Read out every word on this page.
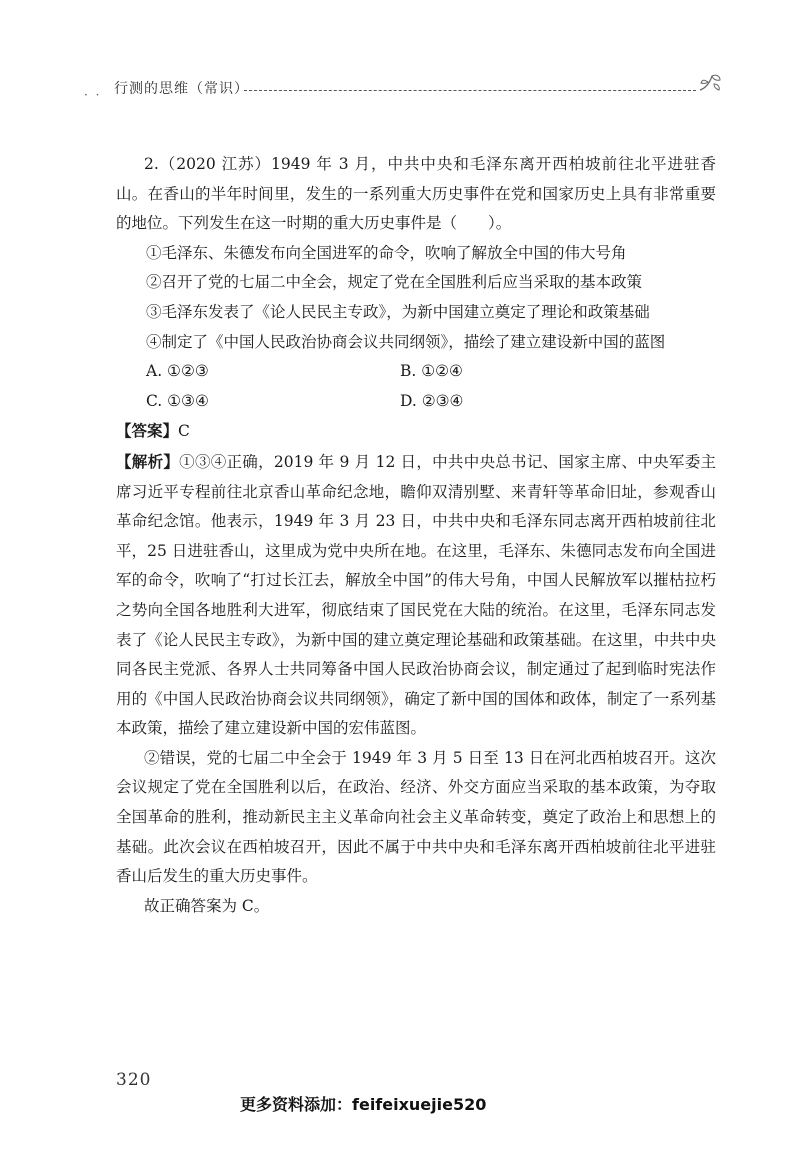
· · 行测的思维（常识）

2.（2020 江苏）1949 年 3 月，中共中央和毛泽东离开西柏坡前往北平进驻香山。在香山的半年时间里，发生的一系列重大历史事件在党和国家历史上具有非常重要的地位。下列发生在这一时期的重大历史事件是（　　）。

①毛泽东、朱德发布向全国进军的命令，吹响了解放全中国的伟大号角

②召开了党的七届二中全会，规定了党在全国胜利后应当采取的基本政策

③毛泽东发表了《论人民民主专政》，为新中国建立奠定了理论和政策基础

④制定了《中国人民政治协商会议共同纲领》，描绘了建立建设新中国的蓝图

A. ①②③	B. ①②④
C. ①③④	D. ②③④

【答案】C

【解析】①③④正确，2019 年 9 月 12 日，中共中央总书记、国家主席、中央军委主席习近平专程前往北京香山革命纪念地，瞻仰双清别墅、来青轩等革命旧址，参观香山革命纪念馆。他表示，1949 年 3 月 23 日，中共中央和毛泽东同志离开西柏坡前往北平，25 日进驻香山，这里成为党中央所在地。在这里，毛泽东、朱德同志发布向全国进军的命令，吹响了“打过长江去，解放全中国”的伟大号角，中国人民解放军以摧枯拉朽之势向全国各地胜利大进军，彻底结束了国民党在大陆的统治。在这里，毛泽东同志发表了《论人民民主专政》，为新中国的建立奠定理论基础和政策基础。在这里，中共中央同各民主党派、各界人士共同筹备中国人民政治协商会议，制定通过了起到临时宪法作用的《中国人民政治协商会议共同纲领》，确定了新中国的国体和政体，制定了一系列基本政策，描绘了建立建设新中国的宏伟蓝图。

②错误，党的七届二中全会于 1949 年 3 月 5 日至 13 日在河北西柏坡召开。这次会议规定了党在全国胜利以后，在政治、经济、外交方面应当采取的基本政策，为夺取全国革命的胜利，推动新民主主义革命向社会主义革命转变，奠定了政治上和思想上的基础。此次会议在西柏坡召开，因此不属于中共中央和毛泽东离开西柏坡前往北平进驻香山后发生的重大历史事件。

故正确答案为 C。

320
更多资料添加：feifeixuejie520
